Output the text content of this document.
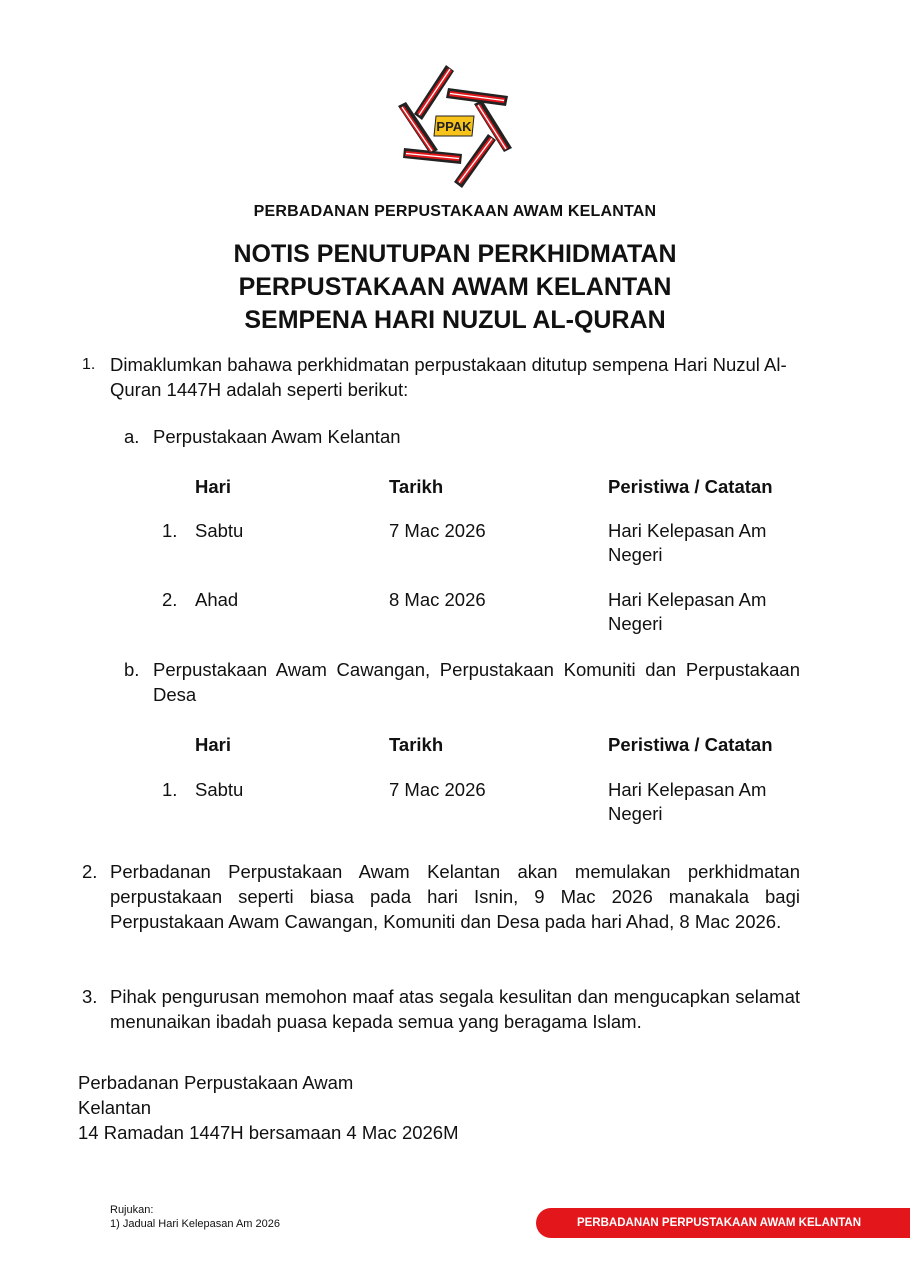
PPAK
PERBADANAN PERPUSTAKAAN AWAM KELANTAN
NOTIS PENUTUPAN PERKHIDMATAN
PERPUSTAKAAN AWAM KELANTAN
SEMPENA HARI NUZUL AL-QURAN
1. Dimaklumkan bahawa perkhidmatan perpustakaan ditutup sempena Hari Nuzul Al-Quran 1447H adalah seperti berikut:
a. Perpustakaan Awam Kelantan
Hari	Tarikh	Peristiwa / Catatan
1. Sabtu	7 Mac 2026	Hari Kelepasan Am
Negeri
2. Ahad	8 Mac 2026	Hari Kelepasan Am
Negeri
b. Perpustakaan Awam Cawangan, Perpustakaan Komuniti dan Perpustakaan Desa
Hari	Tarikh	Peristiwa / Catatan
1. Sabtu	7 Mac 2026	Hari Kelepasan Am
Negeri
2. Perbadanan Perpustakaan Awam Kelantan akan memulakan perkhidmatan perpustakaan seperti biasa pada hari Isnin, 9 Mac 2026 manakala bagi Perpustakaan Awam Cawangan, Komuniti dan Desa pada hari Ahad, 8 Mac 2026.
3. Pihak pengurusan memohon maaf atas segala kesulitan dan mengucapkan selamat menunaikan ibadah puasa kepada semua yang beragama Islam.
Perbadanan Perpustakaan Awam
Kelantan
14 Ramadan 1447H bersamaan 4 Mac 2026M
Rujukan:
1) Jadual Hari Kelepasan Am 2026	PERBADANAN PERPUSTAKAAN AWAM KELANTAN
